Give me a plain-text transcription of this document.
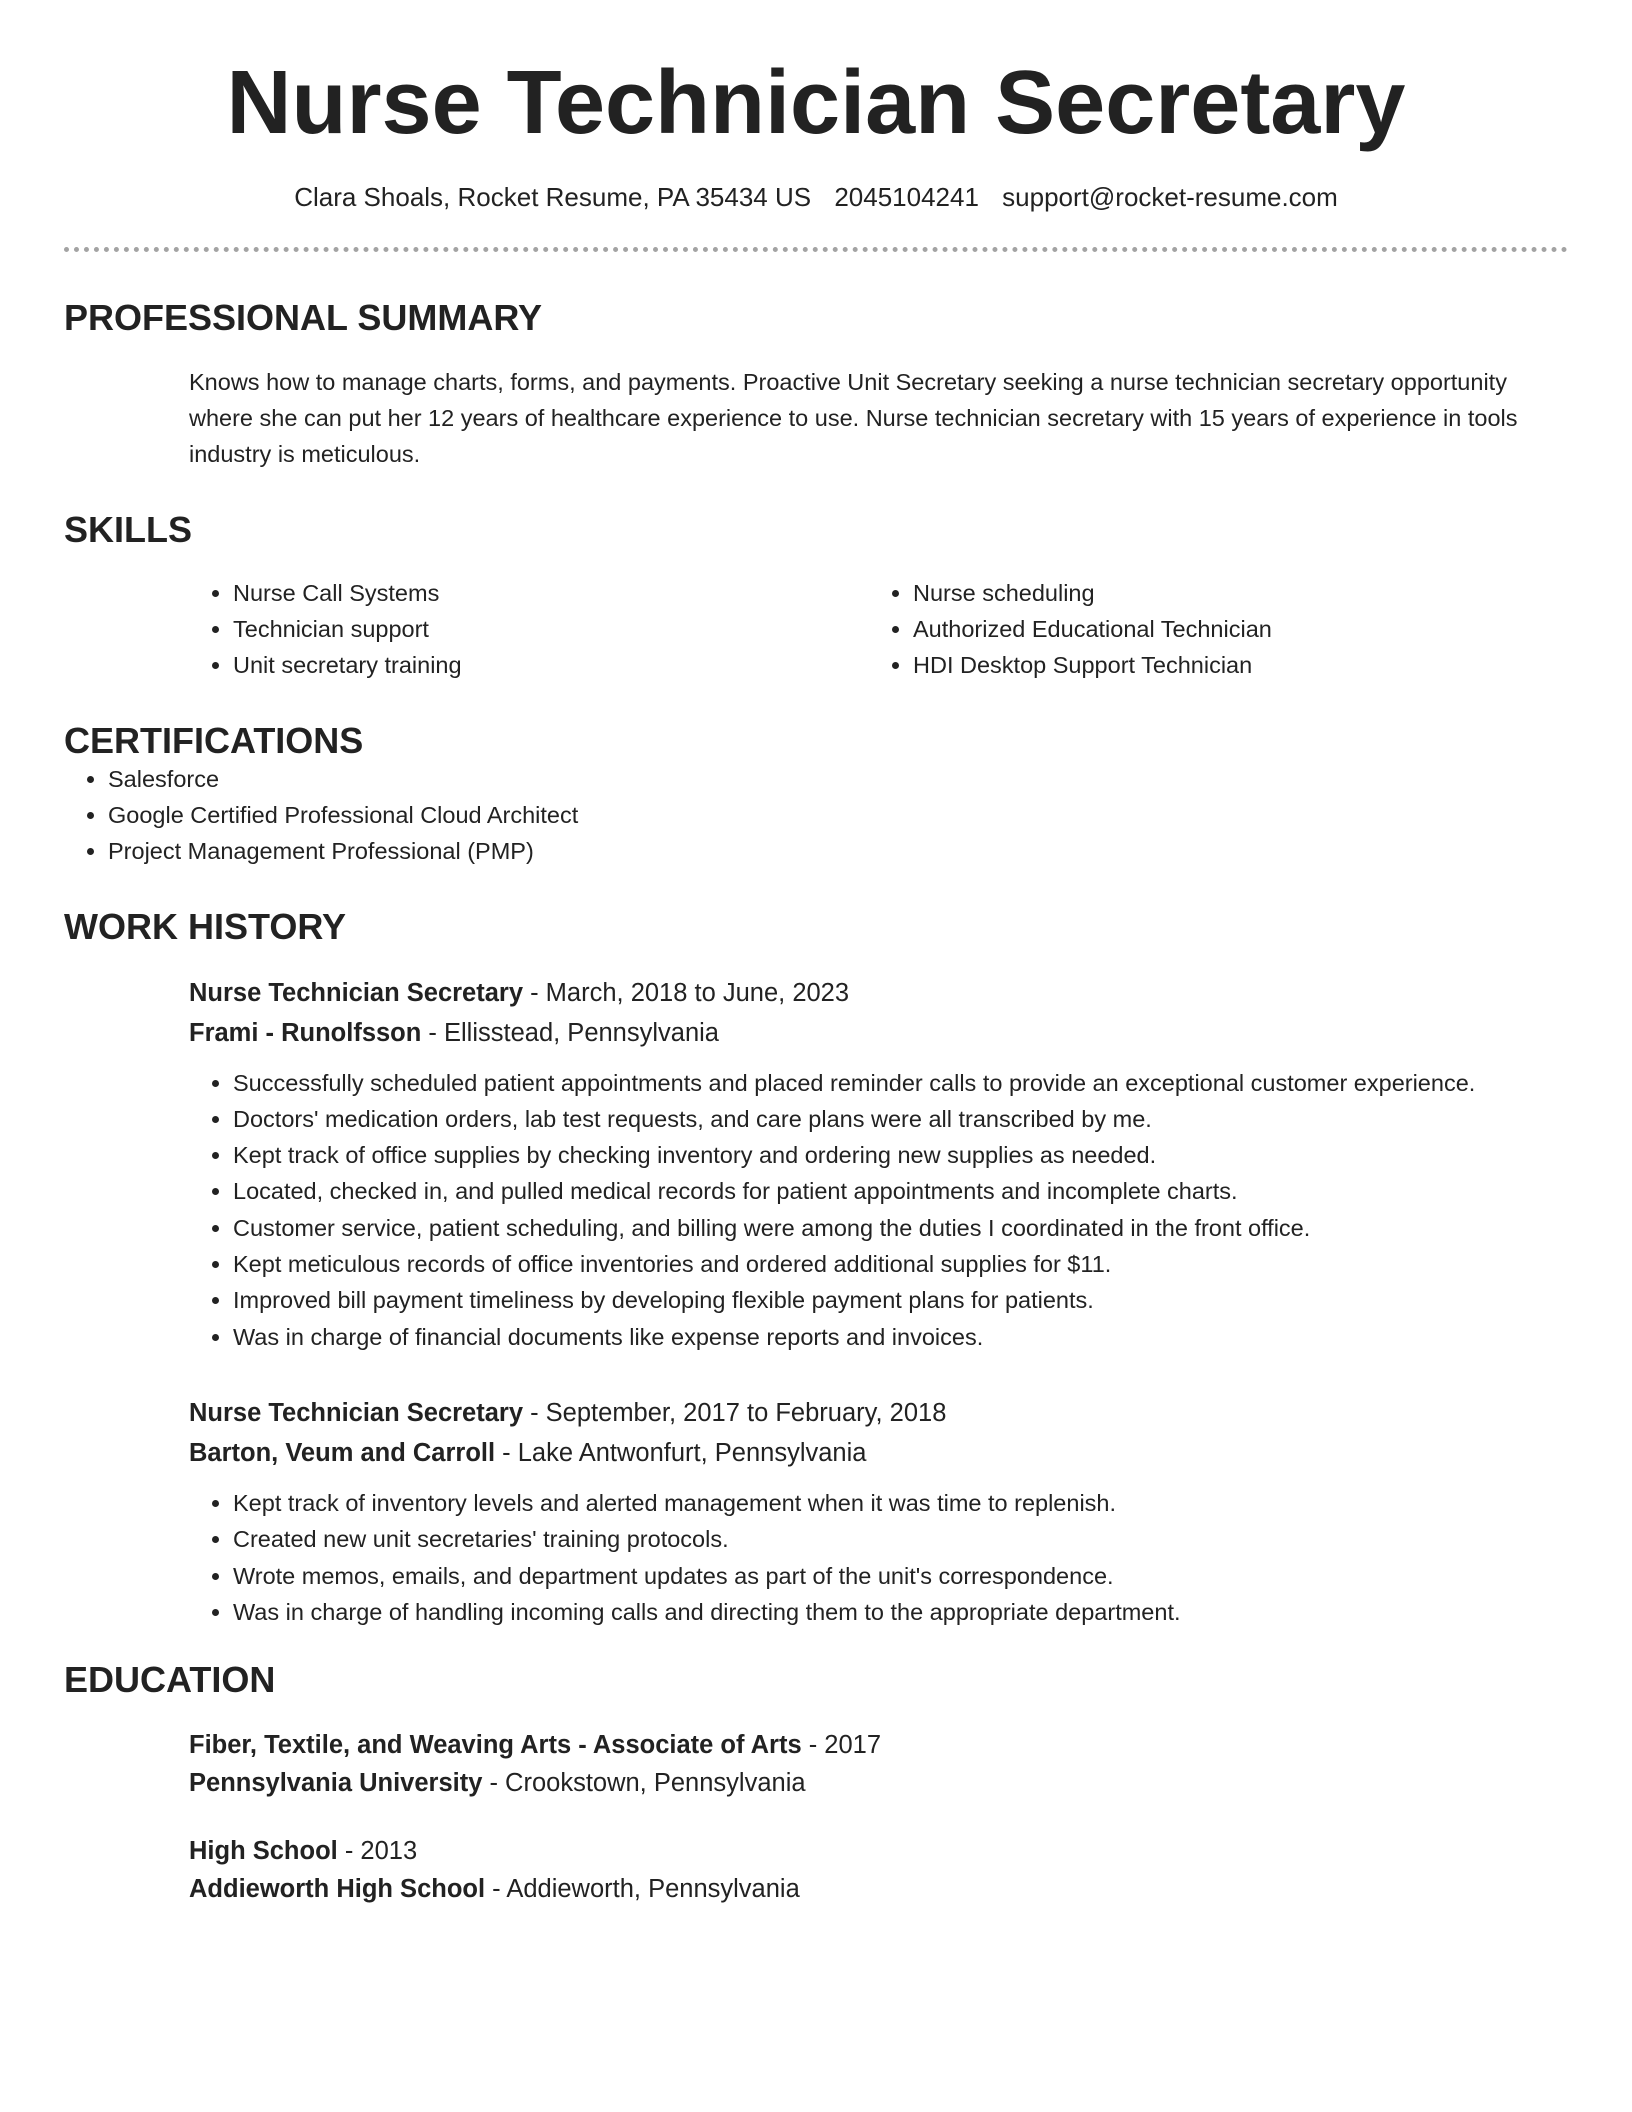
Nurse Technician Secretary
Clara Shoals, Rocket Resume, PA 35434 US 2045104241 support@rocket-resume.com
PROFESSIONAL SUMMARY

Knows how to manage charts, forms, and payments. Proactive Unit Secretary seeking a nurse technician secretary opportunity where she can put her 12 years of healthcare experience to use. Nurse technician secretary with 15 years of experience in tools industry is meticulous.

SKILLS
• Nurse Call Systems
• Technician support
• Unit secretary training
• Nurse scheduling
• Authorized Educational Technician
• HDI Desktop Support Technician
CERTIFICATIONS
• Salesforce
• Google Certified Professional Cloud Architect
• Project Management Professional (PMP)
WORK HISTORY
Nurse Technician Secretary - March, 2018 to June, 2023
Frami - Runolfsson - Ellisstead, Pennsylvania
• Successfully scheduled patient appointments and placed reminder calls to provide an exceptional customer experience.
• Doctors' medication orders, lab test requests, and care plans were all transcribed by me.
• Kept track of office supplies by checking inventory and ordering new supplies as needed.
• Located, checked in, and pulled medical records for patient appointments and incomplete charts.
• Customer service, patient scheduling, and billing were among the duties I coordinated in the front office.
• Kept meticulous records of office inventories and ordered additional supplies for $11.
• Improved bill payment timeliness by developing flexible payment plans for patients.
• Was in charge of financial documents like expense reports and invoices.
Nurse Technician Secretary - September, 2017 to February, 2018
Barton, Veum and Carroll - Lake Antwonfurt, Pennsylvania
• Kept track of inventory levels and alerted management when it was time to replenish.
• Created new unit secretaries' training protocols.
• Wrote memos, emails, and department updates as part of the unit's correspondence.
• Was in charge of handling incoming calls and directing them to the appropriate department.
EDUCATION
Fiber, Textile, and Weaving Arts - Associate of Arts - 2017
Pennsylvania University - Crookstown, Pennsylvania
High School - 2013
Addieworth High School - Addieworth, Pennsylvania
